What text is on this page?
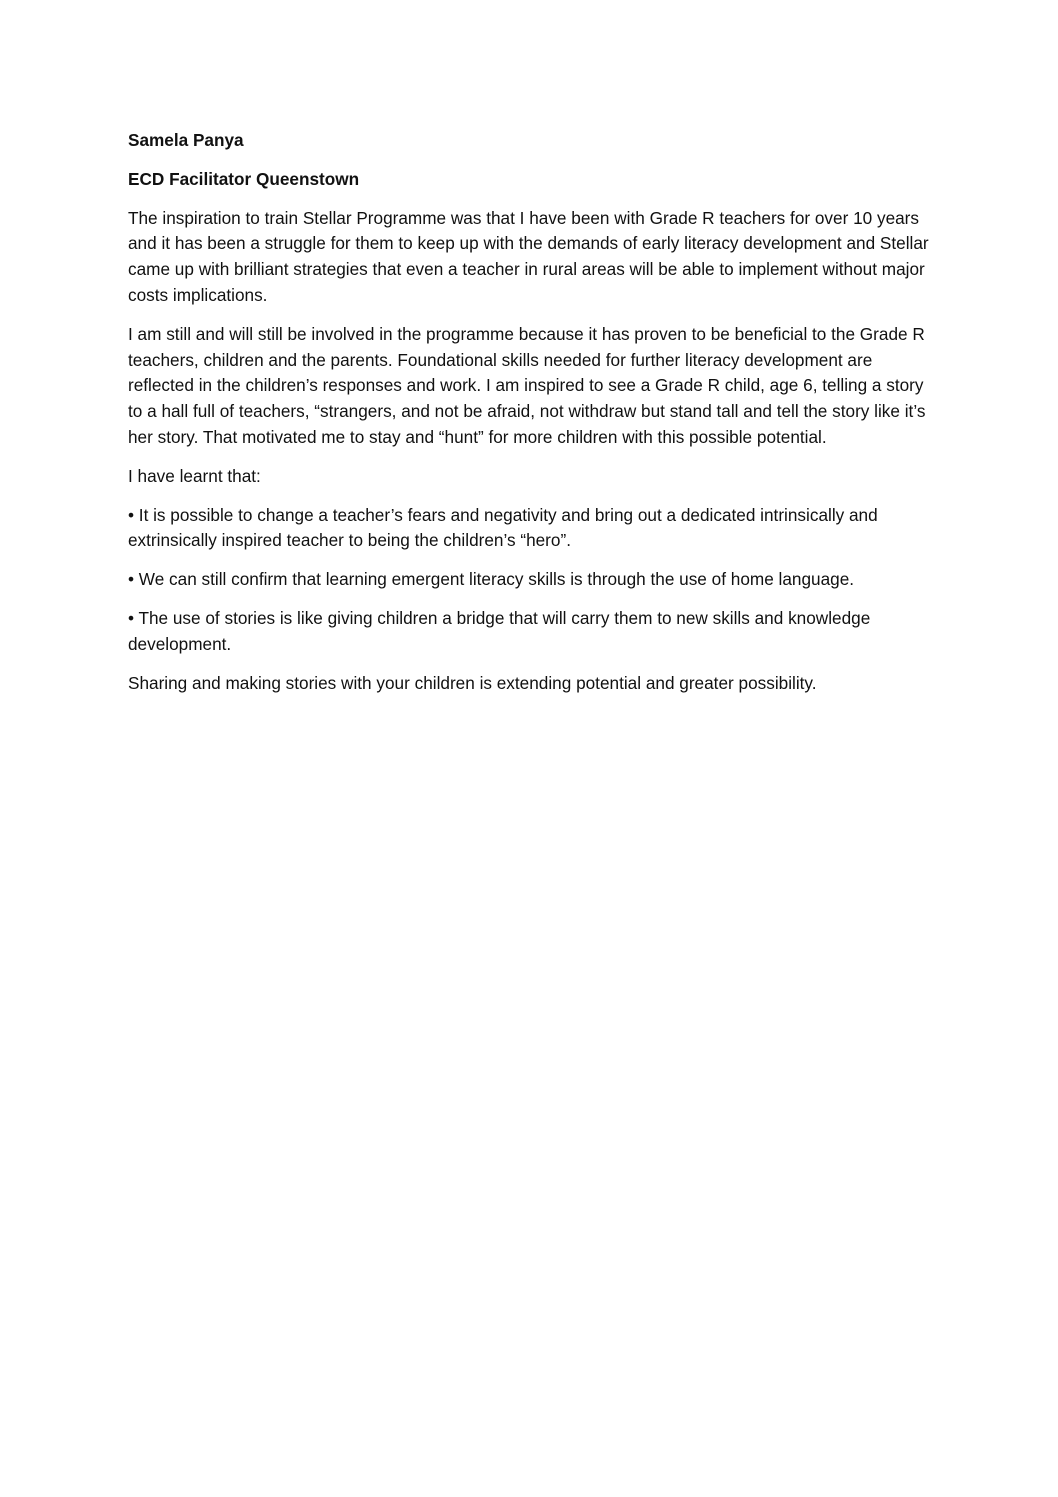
Samela Panya

ECD Facilitator Queenstown

The inspiration to train Stellar Programme was that I have been with Grade R teachers for over 10 years and it has been a struggle for them to keep up with the demands of early literacy development and Stellar came up with brilliant strategies that even a teacher in rural areas will be able to implement without major costs implications.

I am still and will still be involved in the programme because it has proven to be beneficial to the Grade R teachers, children and the parents. Foundational skills needed for further literacy development are reflected in the children’s responses and work. I am inspired to see a Grade R child, age 6, telling a story to a hall full of teachers, “strangers, and not be afraid, not withdraw but stand tall and tell the story like it’s her story. That motivated me to stay and “hunt” for more children with this possible potential.

I have learnt that:

• It is possible to change a teacher’s fears and negativity and bring out a dedicated intrinsically and extrinsically inspired teacher to being the children’s “hero”.

• We can still confirm that learning emergent literacy skills is through the use of home language.

• The use of stories is like giving children a bridge that will carry them to new skills and knowledge development.

Sharing and making stories with your children is extending potential and greater possibility.
